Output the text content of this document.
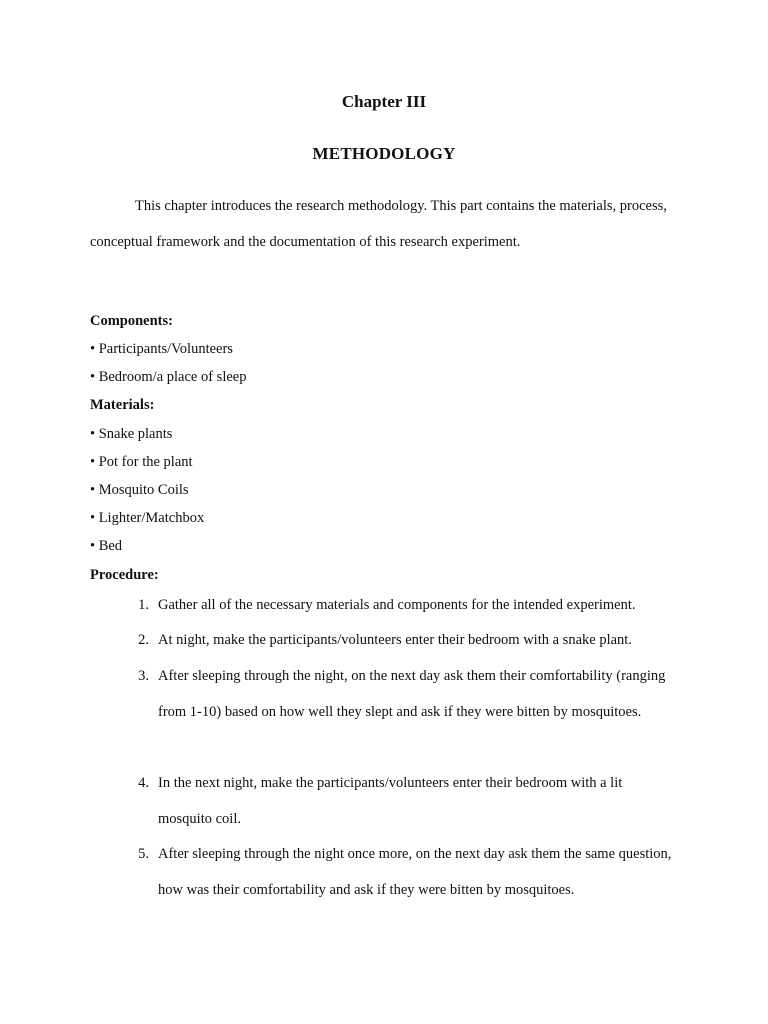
Chapter III
METHODOLOGY

This chapter introduces the research methodology. This part contains the materials, process, conceptual framework and the documentation of this research experiment.

Components:
• Participants/Volunteers
• Bedroom/a place of sleep
Materials:
• Snake plants
• Pot for the plant
• Mosquito Coils
• Lighter/Matchbox
• Bed
Procedure:
1. Gather all of the necessary materials and components for the intended experiment.

2. At night, make the participants/volunteers enter their bedroom with a snake plant.

3. After sleeping through the night, on the next day ask them their comfortability (ranging from 1-10) based on how well they slept and ask if they were bitten by mosquitoes.

4. In the next night, make the participants/volunteers enter their bedroom with a lit mosquito coil.

5. After sleeping through the night once more, on the next day ask them the same question, how was their comfortability and ask if they were bitten by mosquitoes.
